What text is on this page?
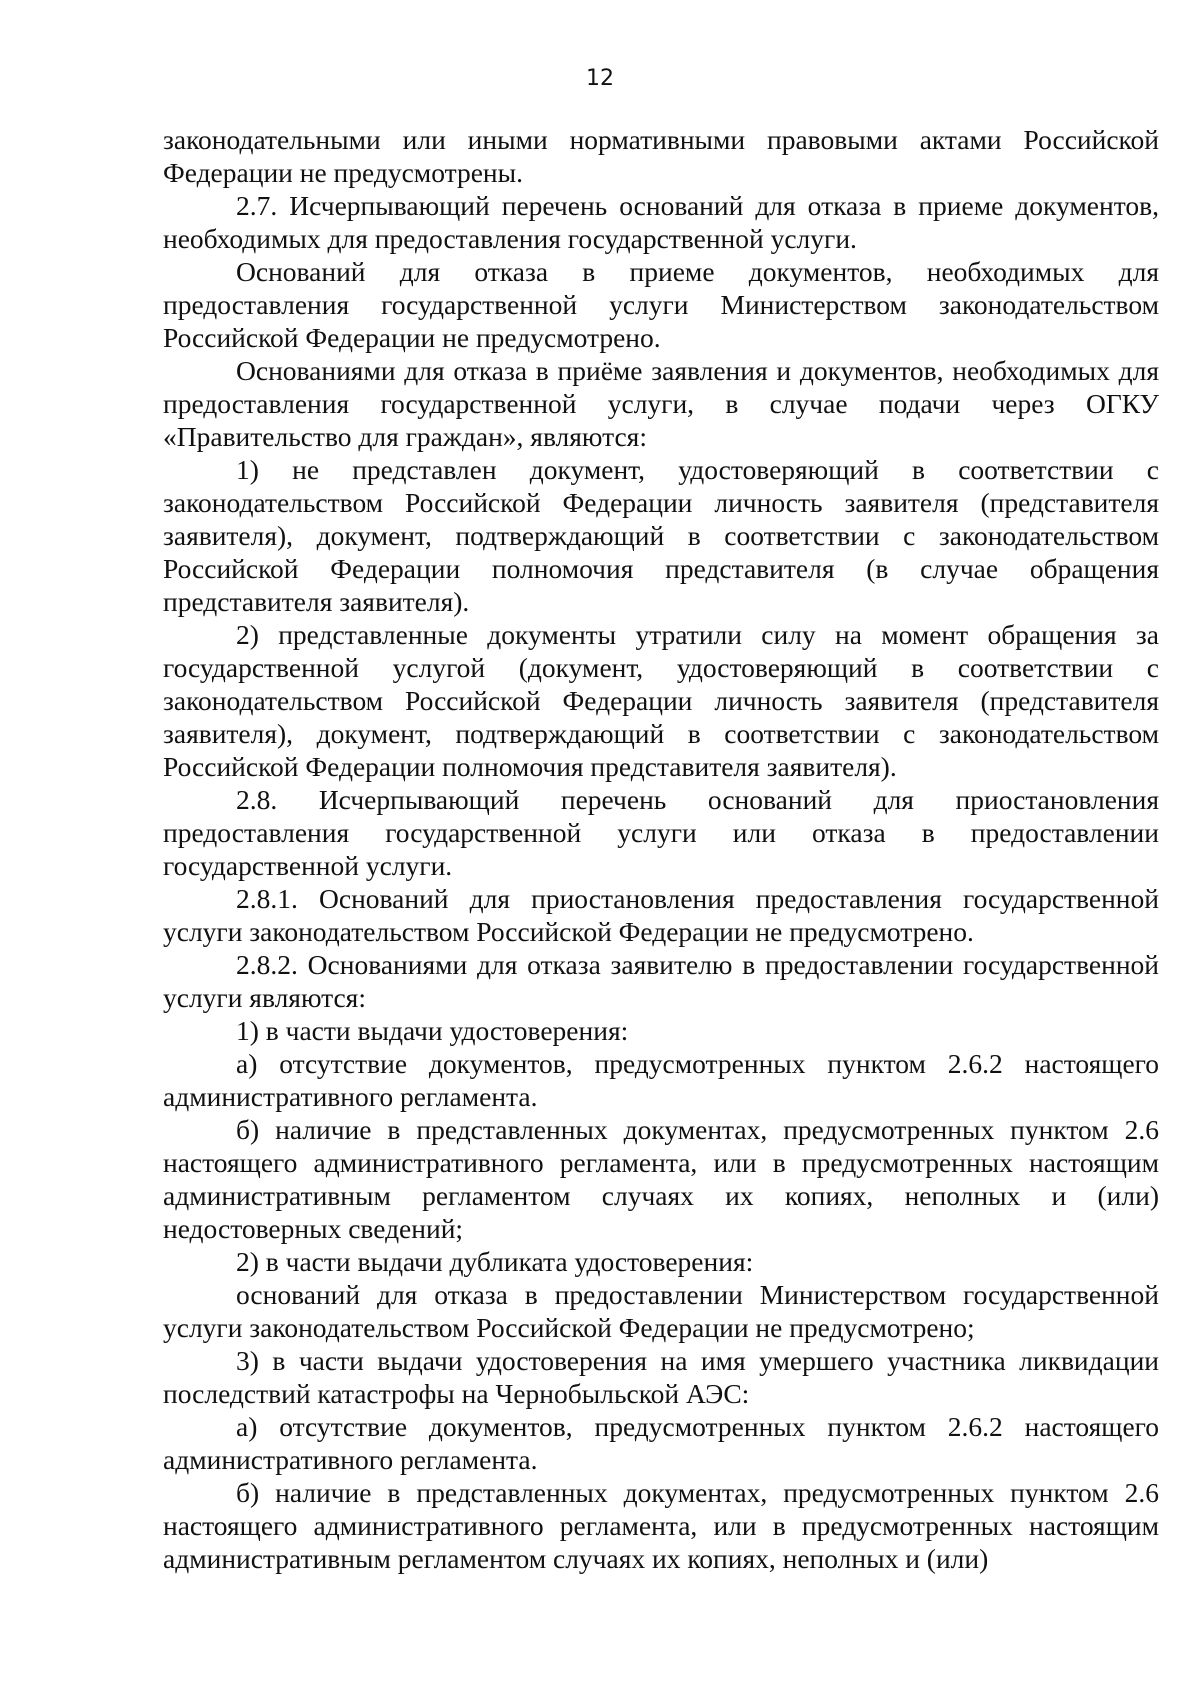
12

законодательными или иными нормативными правовыми актами Российской Федерации не предусмотрены.

2.7. Исчерпывающий перечень оснований для отказа в приеме документов, необходимых для предоставления государственной услуги.

Оснований для отказа в приеме документов, необходимых для предоставления государственной услуги Министерством законодательством Российской Федерации не предусмотрено.

Основаниями для отказа в приёме заявления и документов, необходимых для предоставления государственной услуги, в случае подачи через ОГКУ «Правительство для граждан», являются:

1) не представлен документ, удостоверяющий в соответствии с законодательством Российской Федерации личность заявителя (представителя заявителя), документ, подтверждающий в соответствии с законодательством Российской Федерации полномочия представителя (в случае обращения представителя заявителя).

2) представленные документы утратили силу на момент обращения за государственной услугой (документ, удостоверяющий в соответствии с законодательством Российской Федерации личность заявителя (представителя заявителя), документ, подтверждающий в соответствии с законодательством Российской Федерации полномочия представителя заявителя).

2.8. Исчерпывающий перечень оснований для приостановления предоставления государственной услуги или отказа в предоставлении государственной услуги.

2.8.1. Оснований для приостановления предоставления государственной услуги законодательством Российской Федерации не предусмотрено.

2.8.2. Основаниями для отказа заявителю в предоставлении государственной услуги являются:

1) в части выдачи удостоверения:

а) отсутствие документов, предусмотренных пунктом 2.6.2 настоящего административного регламента.

б) наличие в представленных документах, предусмотренных пунктом 2.6 настоящего административного регламента, или в предусмотренных настоящим административным регламентом случаях их копиях, неполных и (или) недостоверных сведений;

2) в части выдачи дубликата удостоверения:

оснований для отказа в предоставлении Министерством государственной услуги законодательством Российской Федерации не предусмотрено;

3) в части выдачи удостоверения на имя умершего участника ликвидации последствий катастрофы на Чернобыльской АЭС:

а) отсутствие документов, предусмотренных пунктом 2.6.2 настоящего административного регламента.

б) наличие в представленных документах, предусмотренных пунктом 2.6 настоящего административного регламента, или в предусмотренных настоящим административным регламентом случаях их копиях, неполных и (или)
